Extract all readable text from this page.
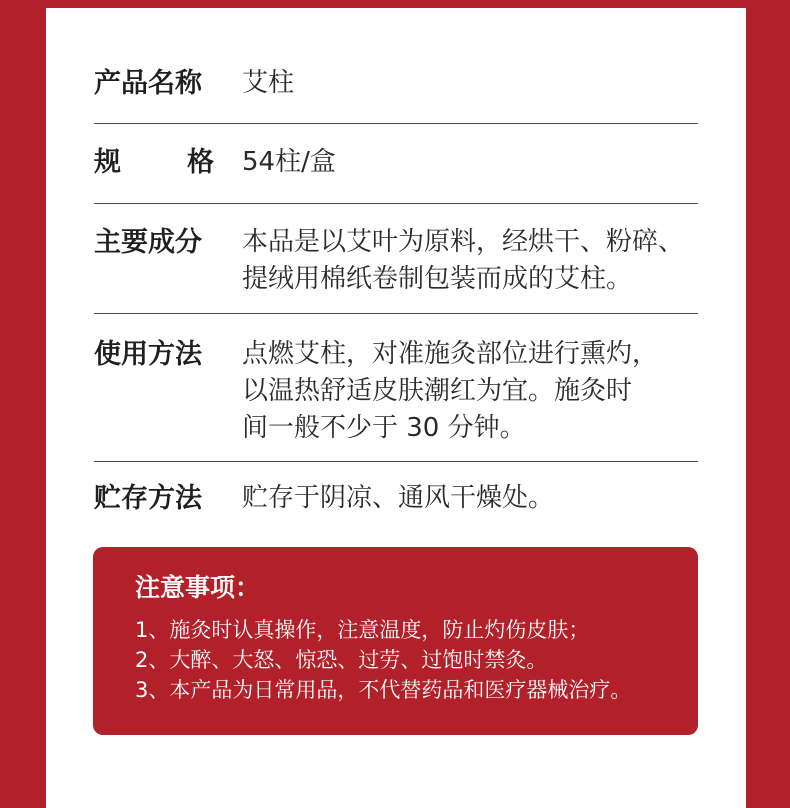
产品名称	艾柱
规 格 54柱/盒
主要成分	本品是以艾叶为原料，经烘干、粉碎、
提绒用棉纸卷制包装而成的艾柱。
使用方法	点燃艾柱，对准施灸部位进行熏灼，
以温热舒适皮肤潮红为宜。施灸时
间一般不少于 30 分钟。
贮存方法	贮存于阴凉、通风干燥处。
注意事项：
1、施灸时认真操作，注意温度，防止灼伤皮肤；
2、大醉、大怒、惊恐、过劳、过饱时禁灸。
3、本产品为日常用品，不代替药品和医疗器械治疗。
